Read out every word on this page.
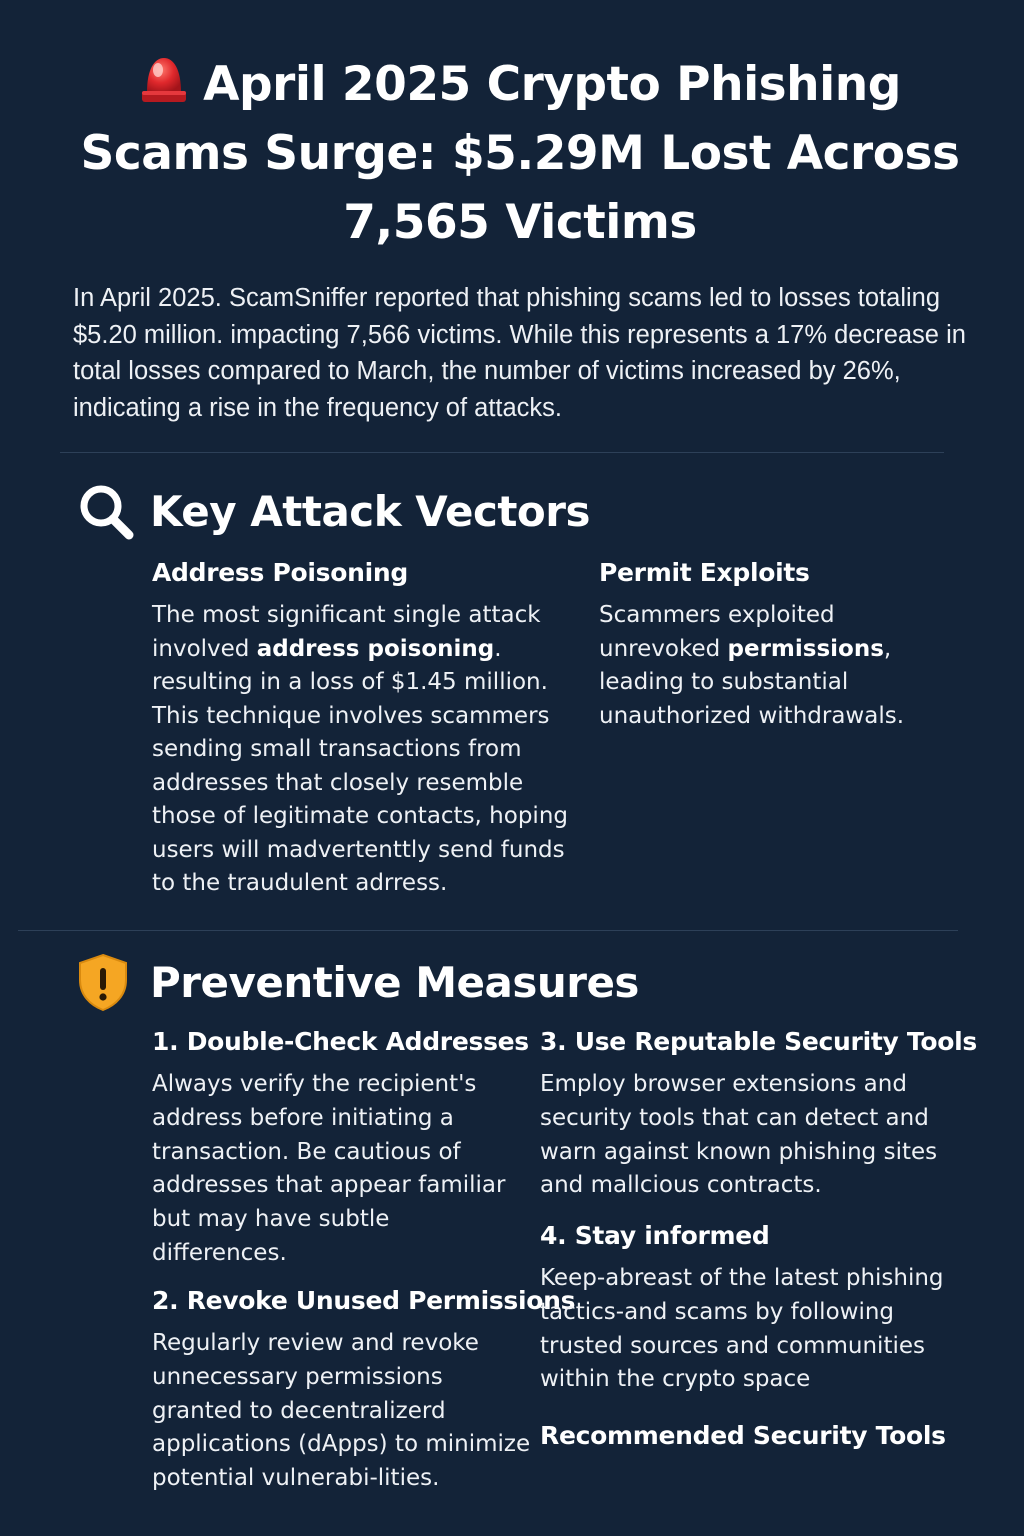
April 2025 Crypto Phishing Scams Surge: $5.29M Lost Across 7,565 Victims

In April 2025. ScamSniffer reported that phishing scams led to losses totaling $5.20 million. impacting 7,566 victims. While this represents a 17% decrease in total losses compared to March, the number of victims increased by 26%, indicating a rise in the frequency of attacks.

Key Attack Vectors

Address Poisoning

The most significant single attack involved address poisoning. resulting in a loss of $1.45 million. This technique involves scammers sending small transactions from addresses that closely resemble those of legitimate contacts, hoping users will madvertenttly send funds to the traudulent adrress.

Permit Exploits

Scammers exploited unrevoked permissions, leading to substantial unauthorized withdrawals.

Preventive Measures

1. Double-Check Addresses

Always verify the recipient's address before initiating a transaction. Be cautious of addresses that appear familiar but may have subtle differences.

2. Revoke Unused Permissions

Regularly review and revoke unnecessary permissions granted to decentralizerd applications (dApps) to minimize potential vulnerabi-lities.

3. Use Reputable Security Tools

Employ browser extensions and security tools that can detect and warn against known phishing sites and mallcious contracts.

4. Stay informed

Keep-abreast of the latest phishing tactics-and scams by following trusted sources and communities within the crypto space

Recommended Security Tools
